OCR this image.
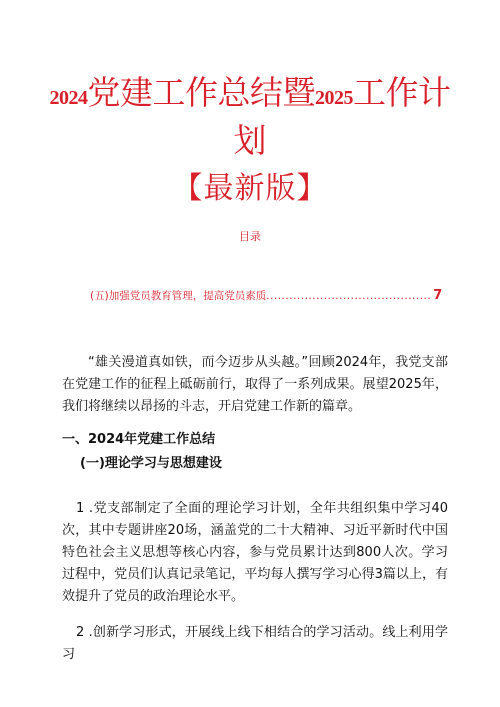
2024党建工作总结暨2025工作计
划
【最新版】
目录
(五)加强党员教育管理，提高党员素质 ........................................... 7
“雄关漫道真如铁，而今迈步从头越。”回顾2024年，我党支部在党建工作的征程上砥砺前行，取得了一系列成果。展望2025年，我们将继续以昂扬的斗志，开启党建工作新的篇章。
一、2024年党建工作总结
(一)理论学习与思想建设
1 .党支部制定了全面的理论学习计划，全年共组织集中学习40次，其中专题讲座20场，涵盖党的二十大精神、习近平新时代中国特色社会主义思想等核心内容，参与党员累计达到800人次。学习过程中，党员们认真记录笔记，平均每人撰写学习心得3篇以上，有效提升了党员的政治理论水平。
2 .创新学习形式，开展线上线下相结合的学习活动。线上利用学习
